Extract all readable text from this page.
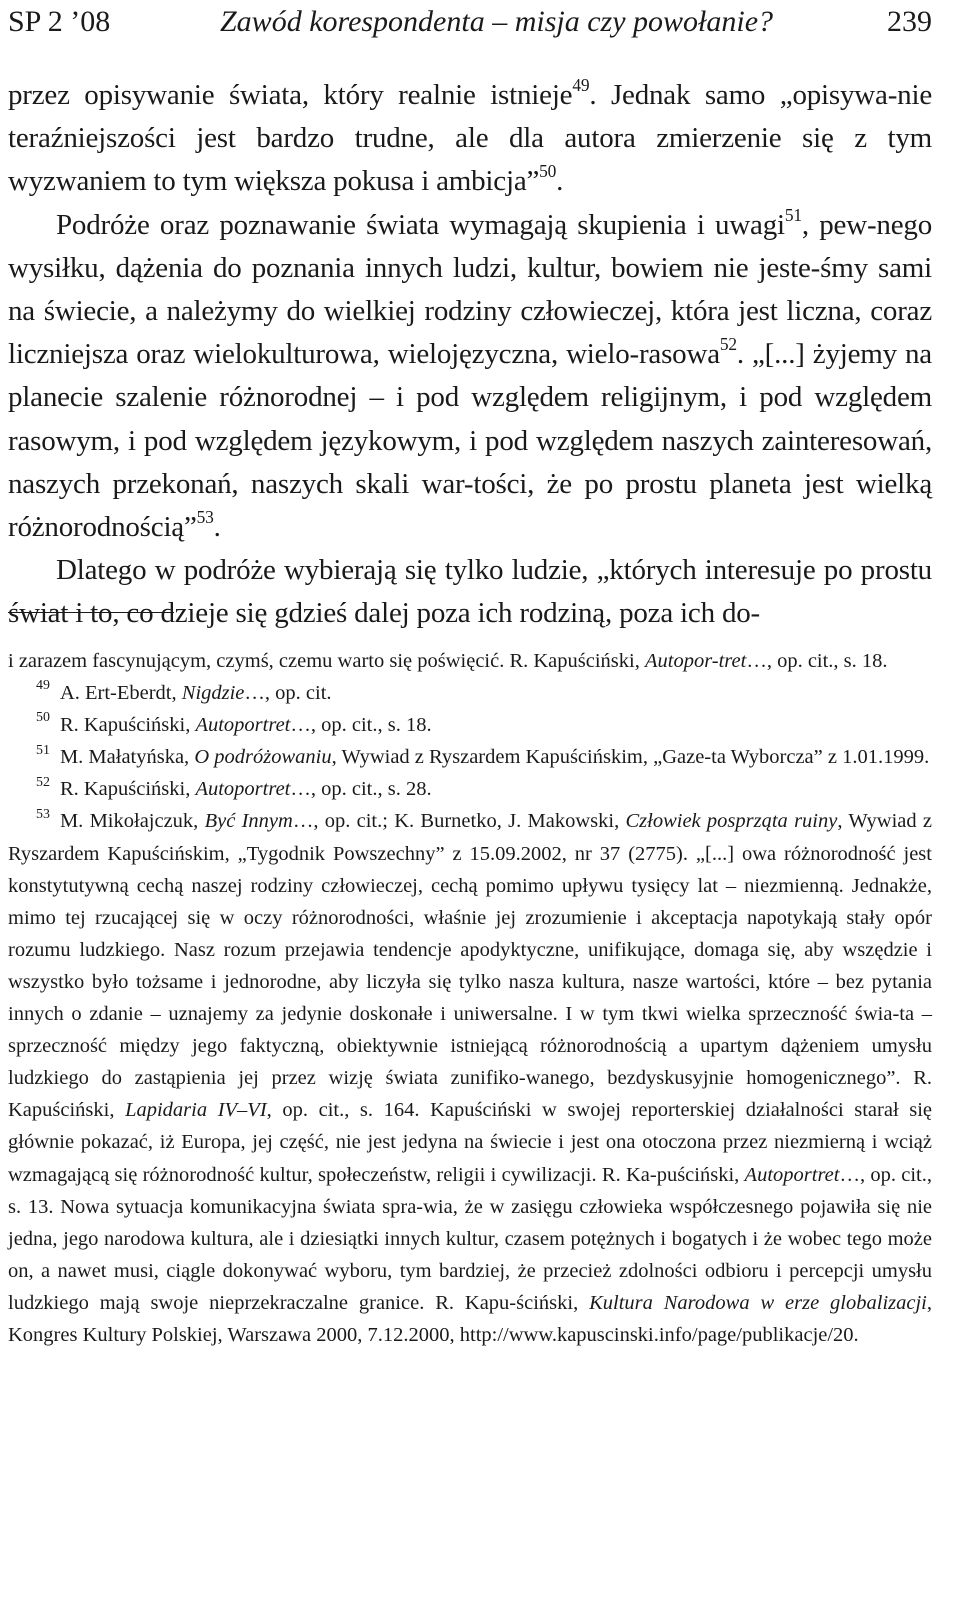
SP 2 ’08	Zawód korespondenta – misja czy powołanie?	239

przez opisywanie świata, który realnie istnieje$^{49}$. Jednak samo „opisywa-nie teraźniejszości jest bardzo trudne, ale dla autora zmierzenie się z tym wyzwaniem to tym większa pokusa i ambicja”$^{50}$.

Podróże oraz poznawanie świata wymagają skupienia i uwagi$^{51}$, pew-nego wysiłku, dążenia do poznania innych ludzi, kultur, bowiem nie jeste-śmy sami na świecie, a należymy do wielkiej rodziny człowieczej, która jest liczna, coraz liczniejsza oraz wielokulturowa, wielojęzyczna, wielo-rasowa$^{52}$. „[...] żyjemy na planecie szalenie różnorodnej – i pod względem religijnym, i pod względem rasowym, i pod względem językowym, i pod względem naszych zainteresowań, naszych przekonań, naszych skali war-tości, że po prostu planeta jest wielką różnorodnością”$^{53}$.

Dlatego w podróże wybierają się tylko ludzie, „których interesuje po prostu świat i to, co dzieje się gdzieś dalej poza ich rodziną, poza ich do-

i zarazem fascynującym, czymś, czemu warto się poświęcić. R. Kapuściński, Autopor-tret…, op. cit., s. 18.

$^{49}$ A. Ert-Eberdt, Nigdzie…, op. cit.

$^{50}$ R. Kapuściński, Autoportret…, op. cit., s. 18.

$^{51}$ M. Małatyńska, O podróżowaniu, Wywiad z Ryszardem Kapuścińskim, „Gaze-ta Wyborcza” z 1.01.1999.

$^{52}$ R. Kapuściński, Autoportret…, op. cit., s. 28.

$^{53}$ M. Mikołajczuk, Być Innym…, op. cit.; K. Burnetko, J. Makowski, Człowiek posprząta ruiny, Wywiad z Ryszardem Kapuścińskim, „Tygodnik Powszechny” z 15.09.2002, nr 37 (2775). „[...] owa różnorodność jest konstytutywną cechą naszej rodziny człowieczej, cechą pomimo upływu tysięcy lat – niezmienną. Jednakże, mimo tej rzucającej się w oczy różnorodności, właśnie jej zrozumienie i akceptacja napotykają stały opór rozumu ludzkiego. Nasz rozum przejawia tendencje apodyktyczne, unifikujące, domaga się, aby wszędzie i wszystko było tożsame i jednorodne, aby liczyła się tylko nasza kultura, nasze wartości, które – bez pytania innych o zdanie – uznajemy za jedynie doskonałe i uniwersalne. I w tym tkwi wielka sprzeczność świa-ta – sprzeczność między jego faktyczną, obiektywnie istniejącą różnorodnością a upartym dążeniem umysłu ludzkiego do zastąpienia jej przez wizję świata zunifiko-wanego, bezdyskusyjnie homogenicznego”. R. Kapuściński, Lapidaria IV–VI, op. cit., s. 164. Kapuściński w swojej reporterskiej działalności starał się głównie pokazać, iż Europa, jej część, nie jest jedyna na świecie i jest ona otoczona przez niezmierną i wciąż wzmagającą się różnorodność kultur, społeczeństw, religii i cywilizacji. R. Ka-puściński, Autoportret…, op. cit., s. 13. Nowa sytuacja komunikacyjna świata spra-wia, że w zasięgu człowieka współczesnego pojawiła się nie jedna, jego narodowa kultura, ale i dziesiątki innych kultur, czasem potężnych i bogatych i że wobec tego może on, a nawet musi, ciągle dokonywać wyboru, tym bardziej, że przecież zdolności odbioru i percepcji umysłu ludzkiego mają swoje nieprzekraczalne granice. R. Kapu-ściński, Kultura Narodowa w erze globalizacji, Kongres Kultury Polskiej, Warszawa 2000, 7.12.2000, http://www.kapuscinski.info/page/publikacje/20.
